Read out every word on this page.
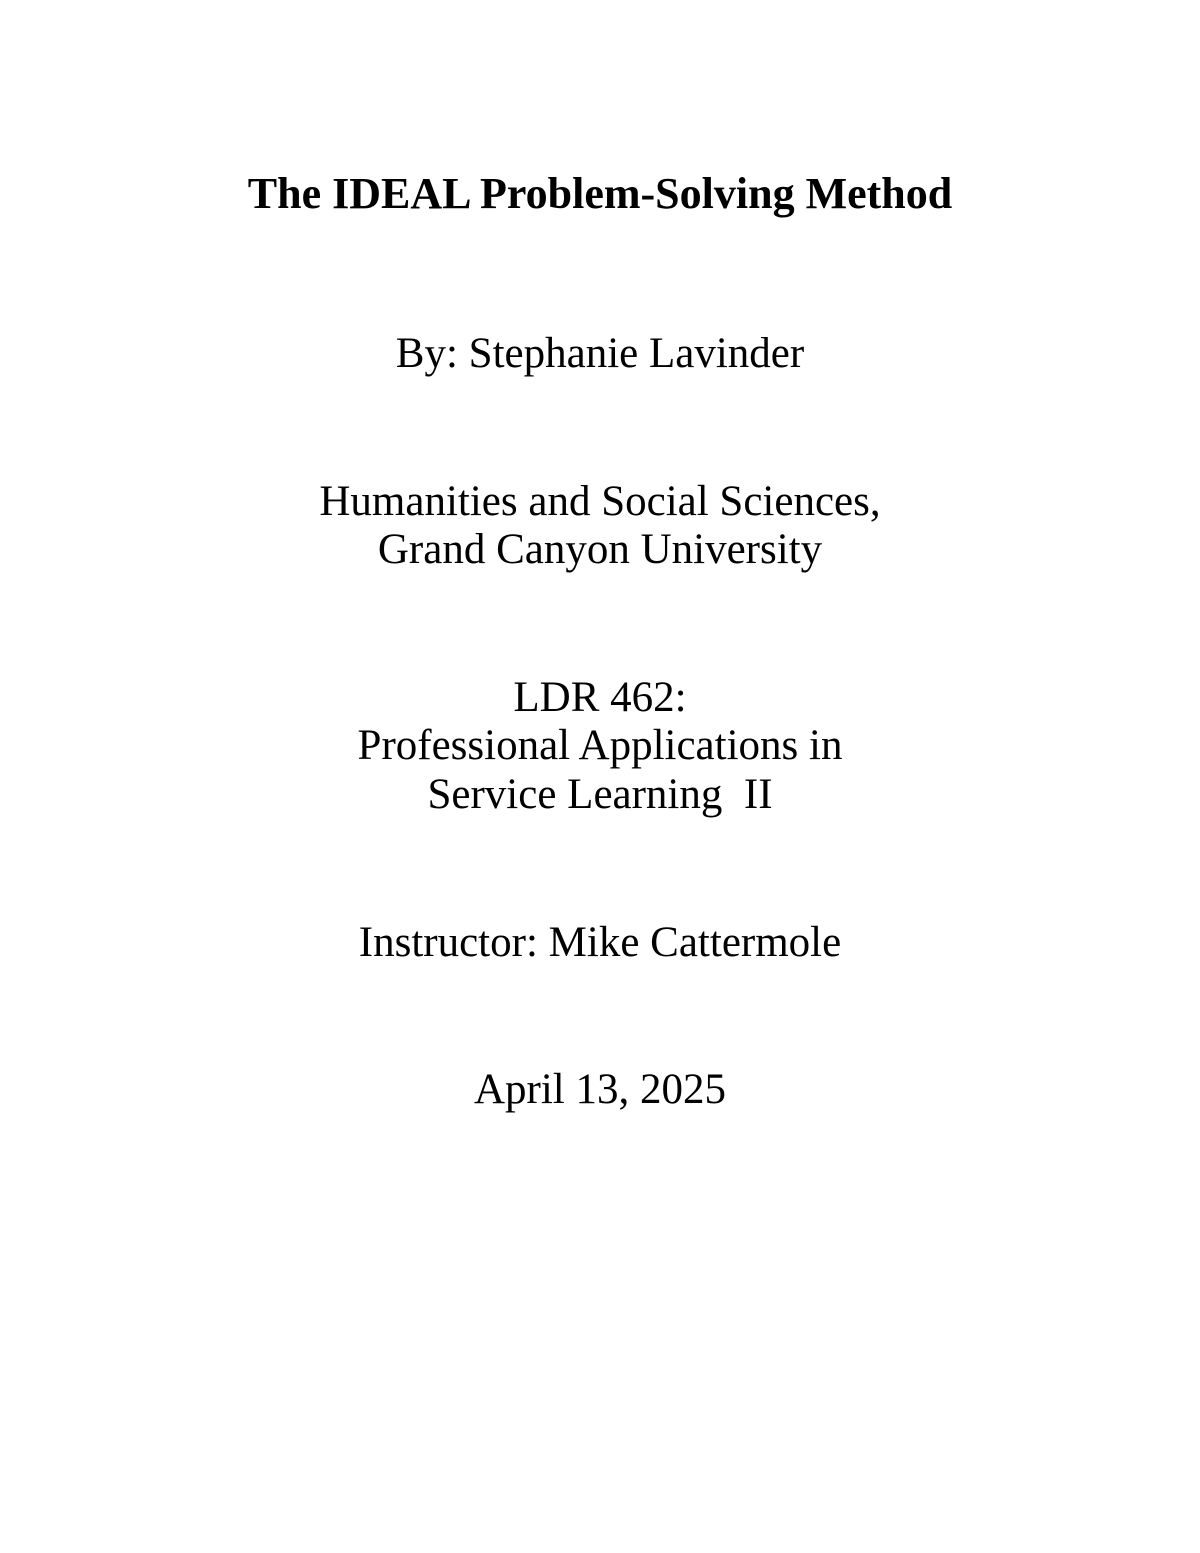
The IDEAL Problem-Solving Method
By: Stephanie Lavinder
Humanities and Social Sciences,
Grand Canyon University
LDR 462:
Professional Applications in
Service Learning  II
Instructor: Mike Cattermole
April 13, 2025
